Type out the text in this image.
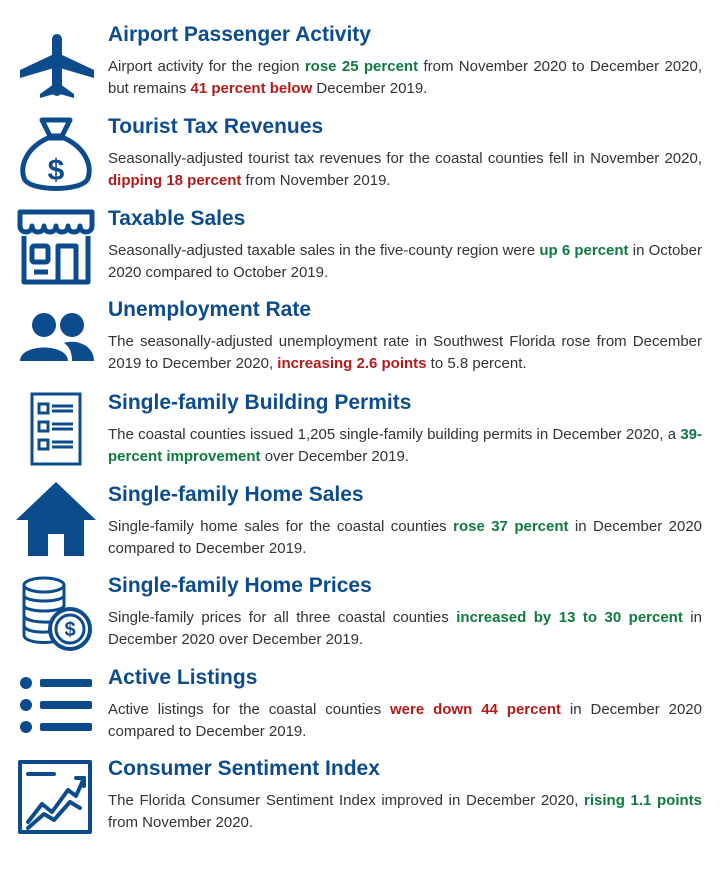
Airport Passenger Activity

Airport activity for the region rose 25 percent from November 2020 to December 2020, but remains 41 percent below December 2019.

$
Tourist Tax Revenues

Seasonally-adjusted tourist tax revenues for the coastal counties fell in November 2020, dipping 18 percent from November 2019.

Taxable Sales

Seasonally-adjusted taxable sales in the five-county region were up 6 percent in October 2020 compared to October 2019.

Unemployment Rate

The seasonally-adjusted unemployment rate in Southwest Florida rose from December 2019 to December 2020, increasing 2.6 points to 5.8 percent.

Single-family Building Permits

The coastal counties issued 1,205 single-family building permits in December 2020, a 39-percent improvement over December 2019.

Single-family Home Sales

Single-family home sales for the coastal counties rose 37 percent in December 2020 compared to December 2019.

$
Single-family Home Prices

Single-family prices for all three coastal counties increased by 13 to 30 percent in December 2020 over December 2019.

Active Listings

Active listings for the coastal counties were down 44 percent in December 2020 compared to December 2019.

Consumer Sentiment Index

The Florida Consumer Sentiment Index improved in December 2020, rising 1.1 points from November 2020.
